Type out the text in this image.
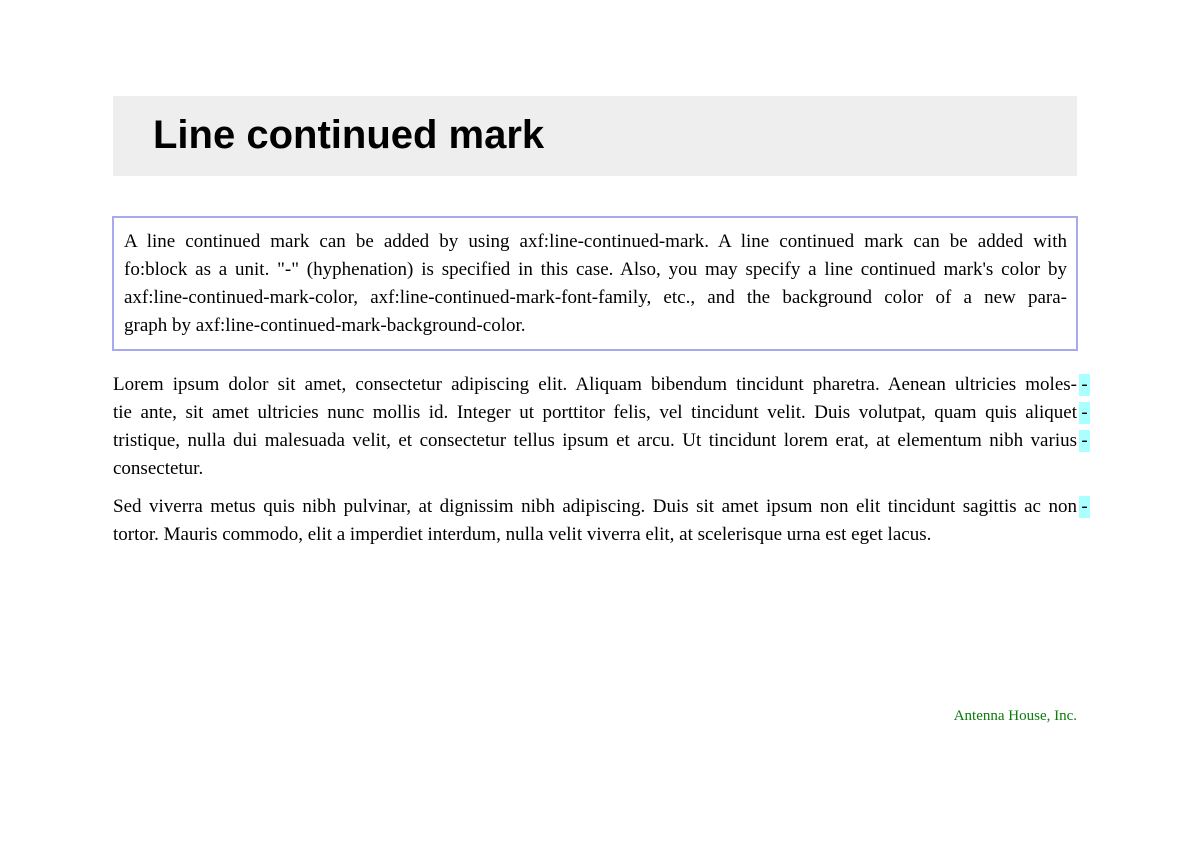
Line continued mark
A line continued mark can be added by using axf:line-continued-mark. A line continued mark can be added with
fo:block as a unit. "-" (hyphenation) is specified in this case. Also, you may specify a line continued mark's color by
axf:line-continued-mark-color, axf:line-continued-mark-font-family, etc., and the background color of a new para-
graph by axf:line-continued-mark-background-color.
Lorem ipsum dolor sit amet, consectetur adipiscing elit. Aliquam bibendum tincidunt pharetra. Aenean ultricies moles- -
tie ante, sit amet ultricies nunc mollis id. Integer ut porttitor felis, vel tincidunt velit. Duis volutpat, quam quis aliquet -
tristique, nulla dui malesuada velit, et consectetur tellus ipsum et arcu. Ut tincidunt lorem erat, at elementum nibh varius -
consectetur.
Sed viverra metus quis nibh pulvinar, at dignissim nibh adipiscing. Duis sit amet ipsum non elit tincidunt sagittis ac non -
tortor. Mauris commodo, elit a imperdiet interdum, nulla velit viverra elit, at scelerisque urna est eget lacus.
Antenna House, Inc.
